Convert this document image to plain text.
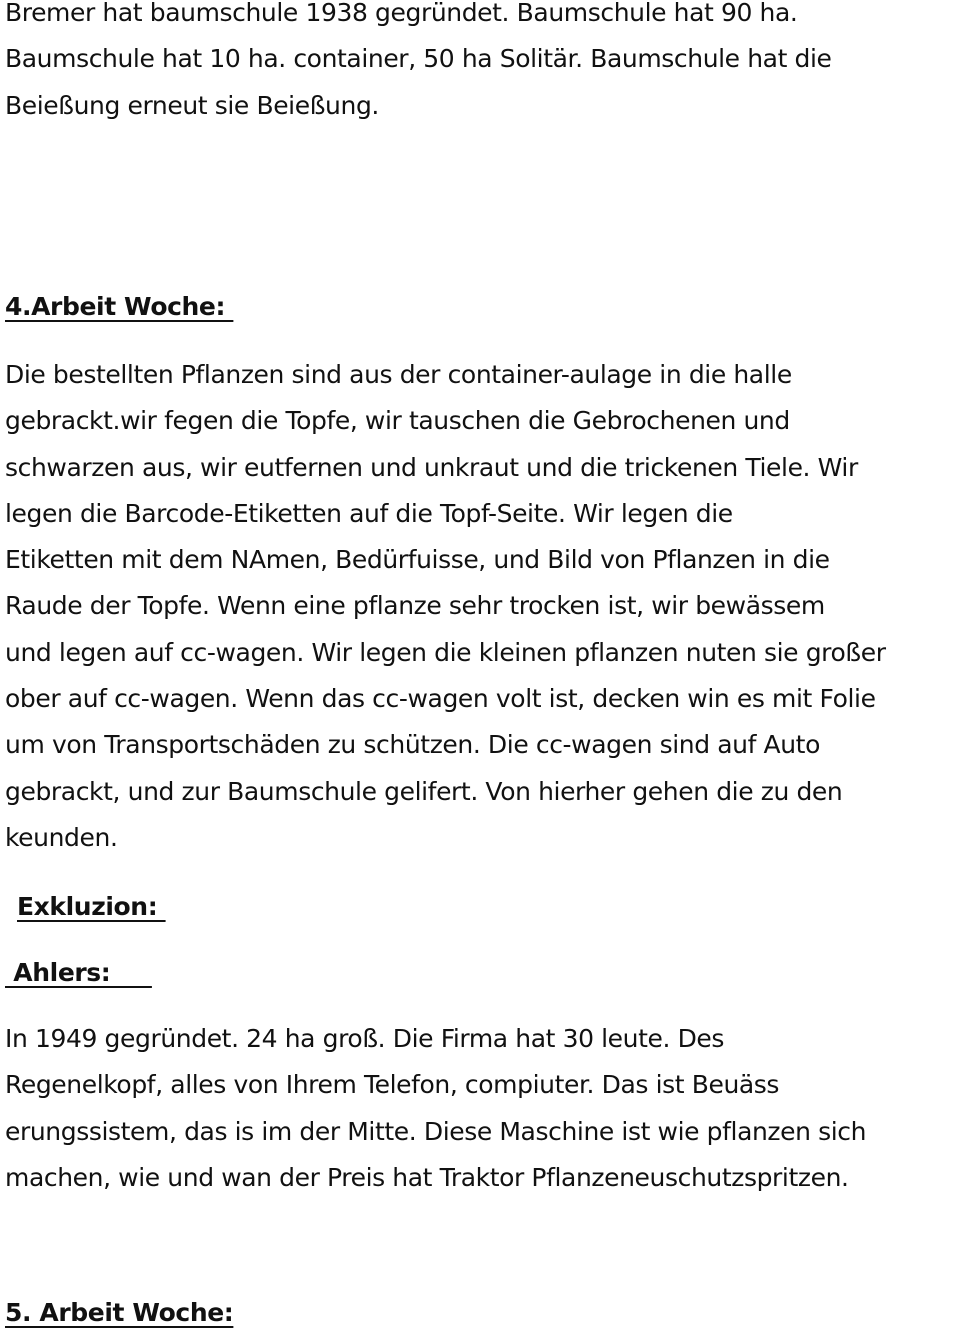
Bremer hat baumschule 1938 gegründet. Baumschule hat 90 ha.
Baumschule hat 10 ha. container, 50 ha Solitär. Baumschule hat die
Beießung erneut sie Beießung.

4.Arbeit Woche:

Die bestellten Pflanzen sind aus der container-aulage in die halle
gebrackt.wir fegen die Topfe, wir tauschen die Gebrochenen und
schwarzen aus, wir eutfernen und unkraut und die trickenen Tiele. Wir
legen die Barcode-Etiketten auf die Topf-Seite. Wir legen die
Etiketten mit dem NAmen, Bedürfuisse, und Bild von Pflanzen in die
Raude der Topfe. Wenn eine pflanze sehr trocken ist, wir bewässem
und legen auf cc-wagen. Wir legen die kleinen pflanzen nuten sie großer
ober auf cc-wagen. Wenn das cc-wagen volt ist, decken win es mit Folie
um von Transportschäden zu schützen. Die cc-wagen sind auf Auto
gebrackt, und zur Baumschule gelifert. Von hierher gehen die zu den
keunden.

Exkluzion:
Ahlers:

In 1949 gegründet. 24 ha groß. Die Firma hat 30 leute. Des
Regenelkopf, alles von Ihrem Telefon, compiuter. Das ist Beuäss
erungssistem, das is im der Mitte. Diese Maschine ist wie pflanzen sich
machen, wie und wan der Preis hat Traktor Pflanzeneuschutzspritzen.

5. Arbeit Woche:
